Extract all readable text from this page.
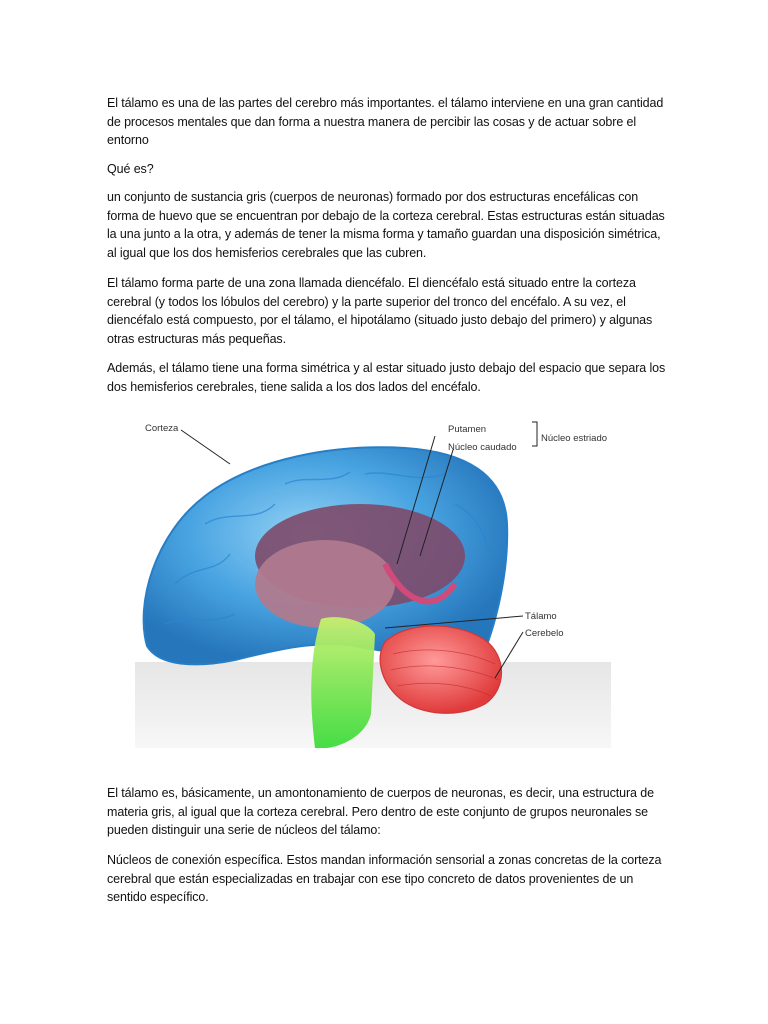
El tálamo es una de las partes del cerebro más importantes. el tálamo interviene en una gran cantidad de procesos mentales que dan forma a nuestra manera de percibir las cosas y de actuar sobre el entorno

Qué es?

un conjunto de sustancia gris (cuerpos de neuronas) formado por dos estructuras encefálicas con forma de huevo que se encuentran por debajo de la corteza cerebral. Estas estructuras están situadas la una junto a la otra, y además de tener la misma forma y tamaño guardan una disposición simétrica, al igual que los dos hemisferios cerebrales que las cubren.

El tálamo forma parte de una zona llamada diencéfalo. El diencéfalo está situado entre la corteza cerebral (y todos los lóbulos del cerebro) y la parte superior del tronco del encéfalo. A su vez, el diencéfalo está compuesto, por el tálamo, el hipotálamo (situado justo debajo del primero) y algunas otras estructuras más pequeñas.

Además, el tálamo tiene una forma simétrica y al estar situado justo debajo del espacio que separa los dos hemisferios cerebrales, tiene salida a los dos lados del encéfalo.

Corteza	Putamen
Núcleo caudado
Núcleo estriado
Tálamo
Cerebelo

El tálamo es, básicamente, un amontonamiento de cuerpos de neuronas, es decir, una estructura de materia gris, al igual que la corteza cerebral. Pero dentro de este conjunto de grupos neuronales se pueden distinguir una serie de núcleos del tálamo:

Núcleos de conexión específica. Estos mandan información sensorial a zonas concretas de la corteza cerebral que están especializadas en trabajar con ese tipo concreto de datos provenientes de un sentido específico.
